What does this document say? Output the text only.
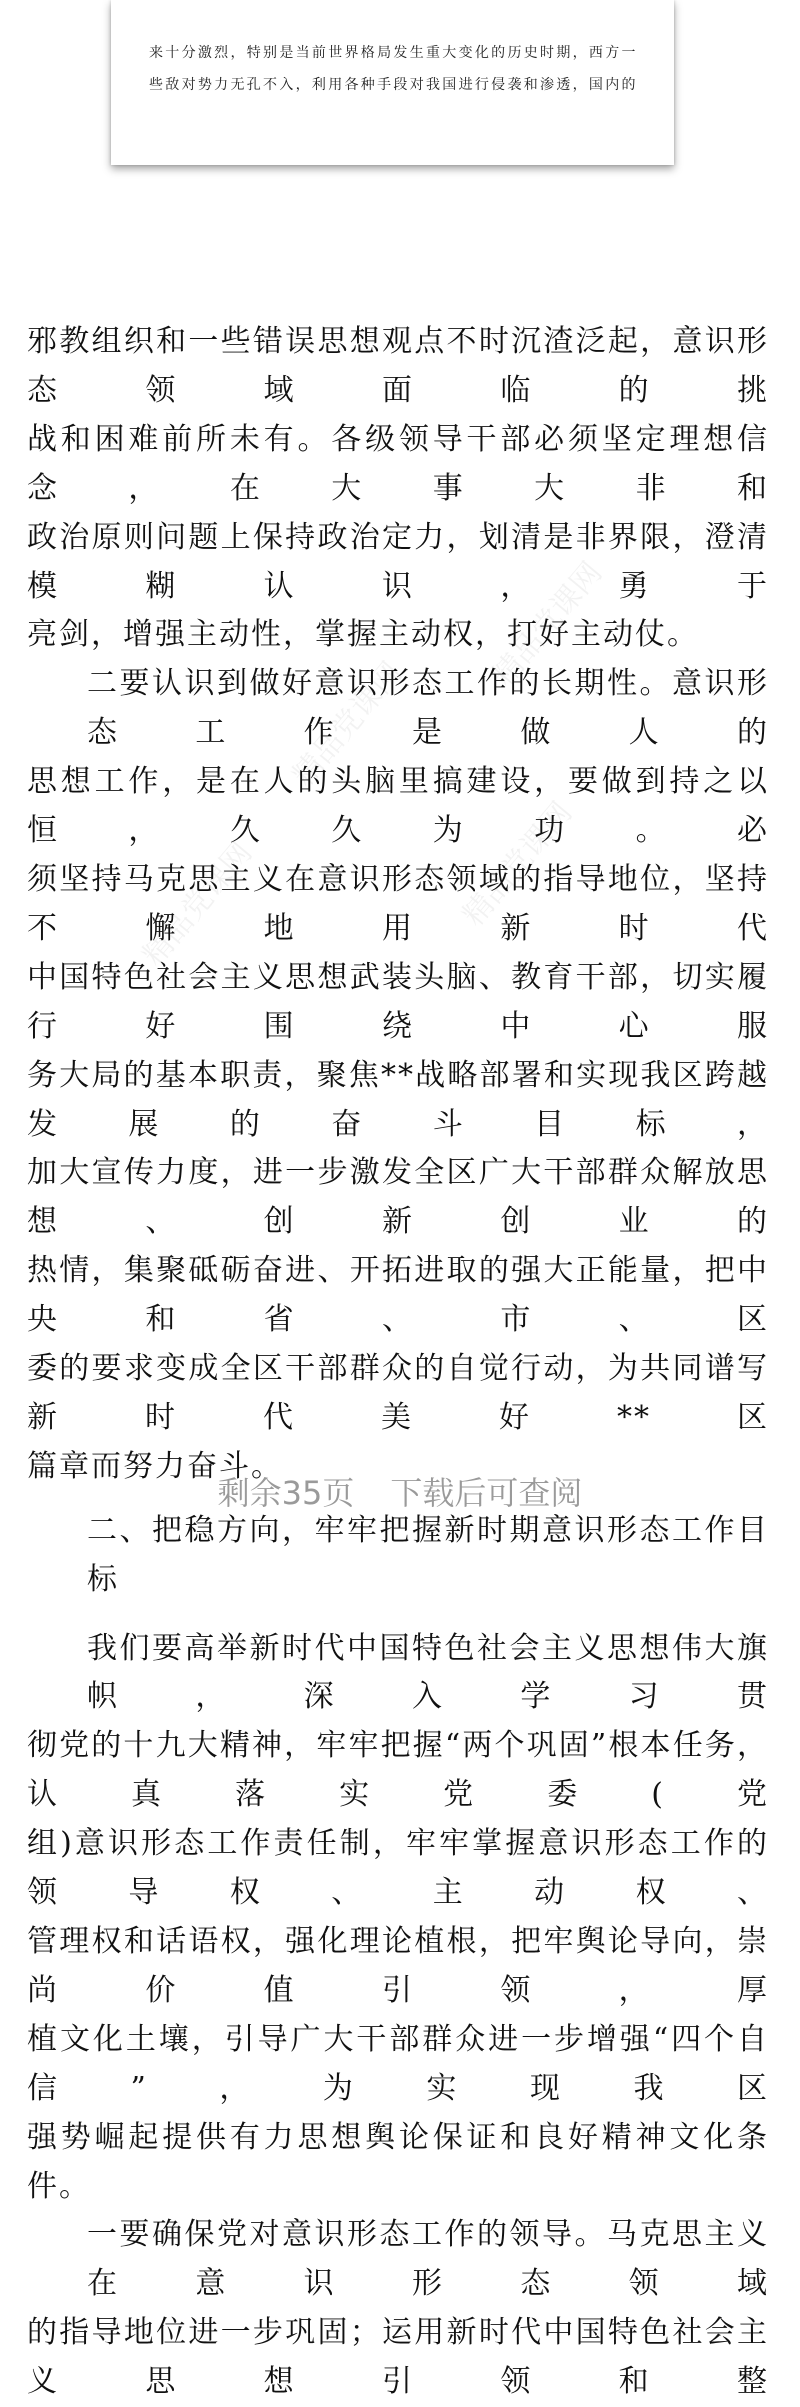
来十分激烈，特别是当前世界格局发生重大变化的历史时期，西方一
些敌对势力无孔不入，利用各种手段对我国进行侵袭和渗透，国内的
精品党课网
精品党课网
精品党课网
精品党课网
邪教组织和一些错误思想观点不时沉渣泛起，意识形态领域面临的挑
战和困难前所未有。各级领导干部必须坚定理想信念，在大事大非和
政治原则问题上保持政治定力，划清是非界限，澄清模糊认识，勇于
亮剑，增强主动性，掌握主动权，打好主动仗。
二要认识到做好意识形态工作的长期性。意识形态工作是做人的
思想工作，是在人的头脑里搞建设，要做到持之以恒，久久为功。必
须坚持马克思主义在意识形态领域的指导地位，坚持不懈地用新时代
中国特色社会主义思想武装头脑、教育干部，切实履行好围绕中心服
务大局的基本职责，聚焦**战略部署和实现我区跨越发展的奋斗目标，
加大宣传力度，进一步激发全区广大干部群众解放思想、创新创业的
热情，集聚砥砺奋进、开拓进取的强大正能量，把中央和省、市、区
委的要求变成全区干部群众的自觉行动，为共同谱写新时代美好**区
篇章而努力奋斗。
二、把稳方向，牢牢把握新时期意识形态工作目标
我们要高举新时代中国特色社会主义思想伟大旗帜，深入学习贯
彻党的十九大精神，牢牢把握“两个巩固”根本任务，认真落实党委(党
组)意识形态工作责任制，牢牢掌握意识形态工作的领导权、主动权、
管理权和话语权，强化理论植根，把牢舆论导向，崇尚价值引领，厚
植文化土壤，引导广大干部群众进一步增强“四个自信”，为实现我区
强势崛起提供有力思想舆论保证和良好精神文化条件。
一要确保党对意识形态工作的领导。马克思主义在意识形态领域
的指导地位进一步巩固；运用新时代中国特色社会主义思想引领和整
剩余35页 下载后可查阅
